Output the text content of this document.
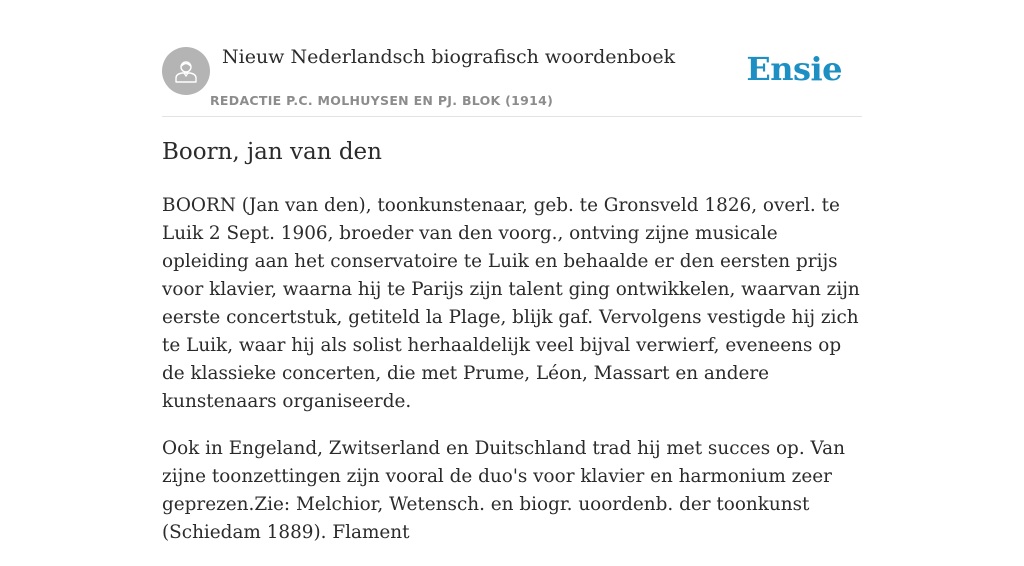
Nieuw Nederlandsch biografisch woordenboek
REDACTIE P.C. MOLHUYSEN EN PJ. BLOK (1914)
Ensie
Boorn, jan van den

BOORN (Jan van den), toonkunstenaar, geb. te Gronsveld 1826, overl. te Luik 2 Sept. 1906, broeder van den voorg., ontving zijne musicale opleiding aan het conservatoire te Luik en behaalde er den eersten prijs voor klavier, waarna hij te Parijs zijn talent ging ontwikkelen, waarvan zijn eerste concertstuk, getiteld la Plage, blijk gaf. Vervolgens vestigde hij zich te Luik, waar hij als solist herhaaldelijk veel bijval verwierf, eveneens op de klassieke concerten, die met Prume, Léon, Massart en andere kunstenaars organiseerde.

Ook in Engeland, Zwitserland en Duitschland trad hij met succes op. Van zijne toonzettingen zijn vooral de duo's voor klavier en harmonium zeer geprezen.Zie: Melchior, Wetensch. en biogr. uoordenb. der toonkunst (Schiedam 1889). Flament
